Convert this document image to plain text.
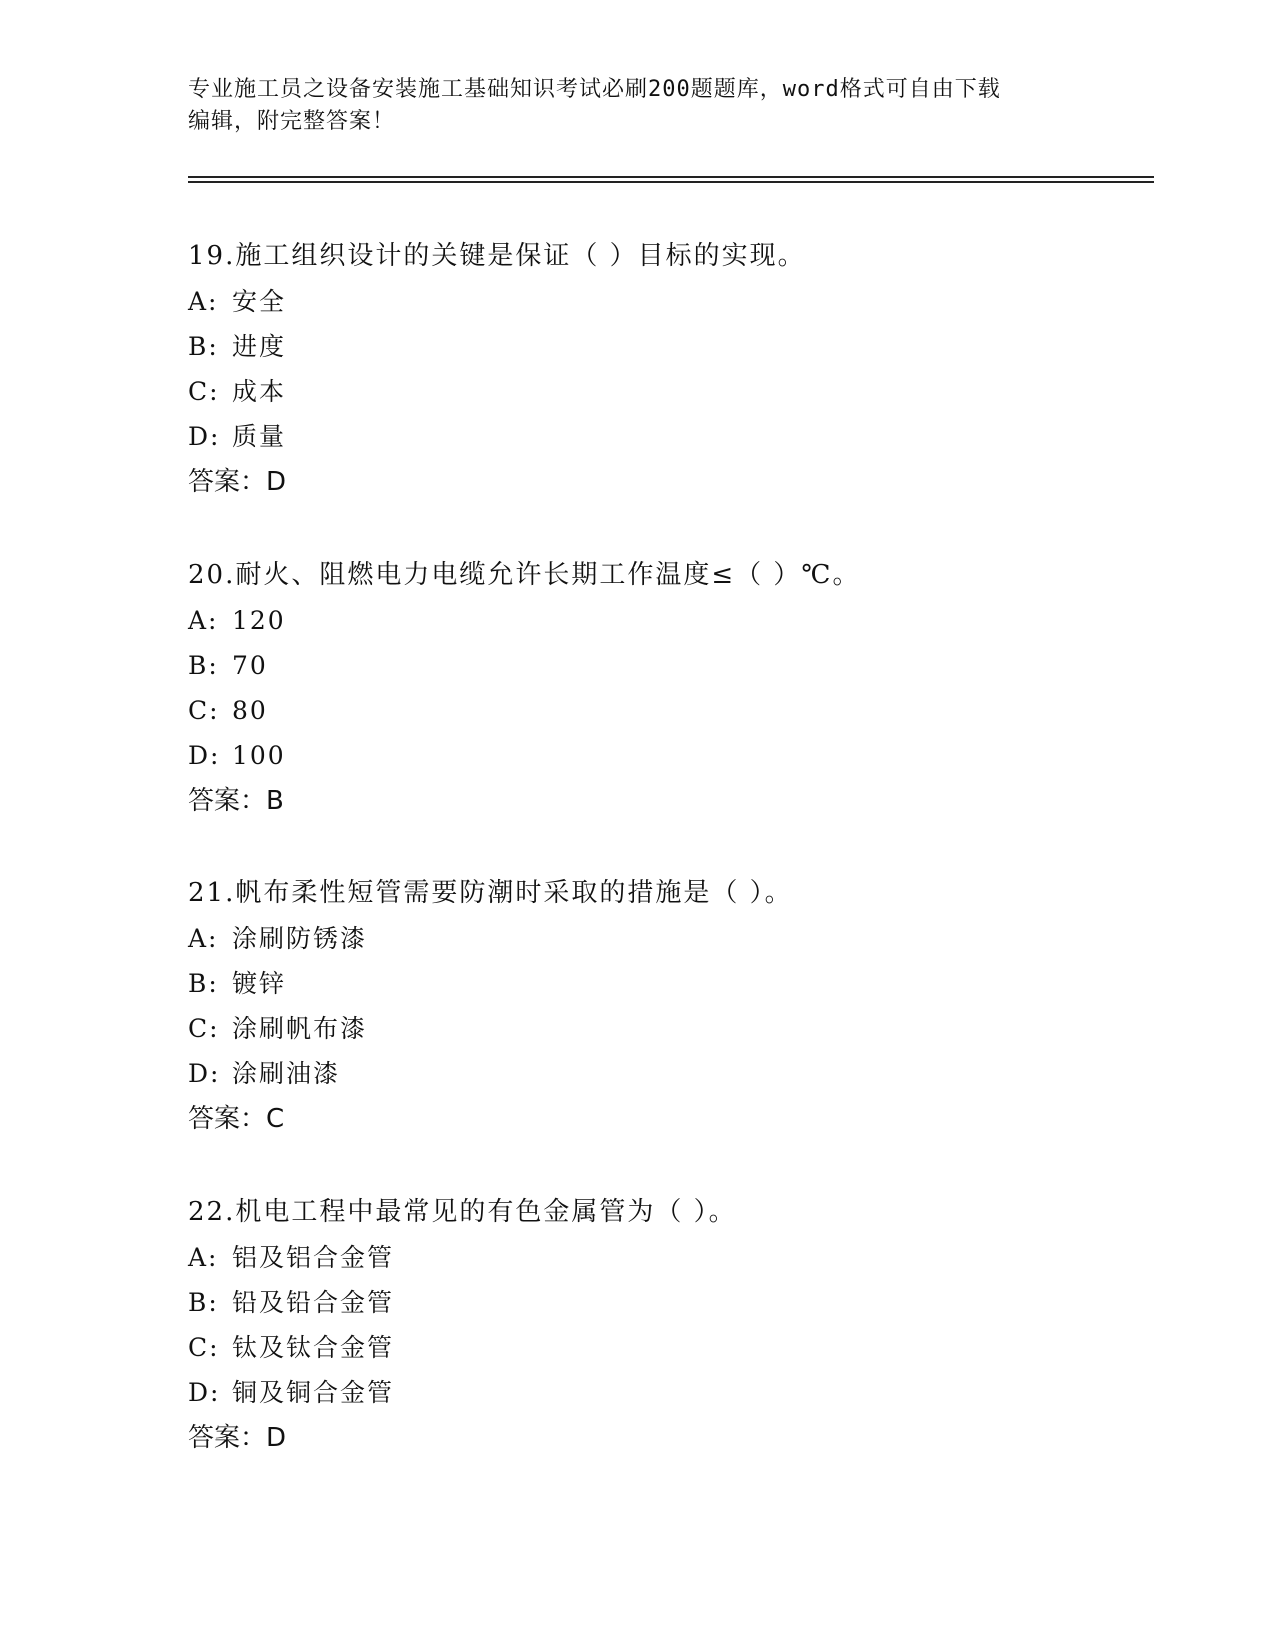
专业施工员之设备安装施工基础知识考试必刷200题题库，word格式可自由下载
编辑，附完整答案！
19.施工组织设计的关键是保证（ ）目标的实现。
A: 安全
B: 进度
C: 成本
D: 质量
答案：D
20.耐火、阻燃电力电缆允许长期工作温度≤（ ）℃。
A: 120
B: 70
C: 80
D: 100
答案：B
21.帆布柔性短管需要防潮时采取的措施是（ ）。
A: 涂刷防锈漆
B: 镀锌
C: 涂刷帆布漆
D: 涂刷油漆
答案：C
22.机电工程中最常见的有色金属管为（ ）。
A: 铝及铝合金管
B: 铅及铅合金管
C: 钛及钛合金管
D: 铜及铜合金管
答案：D
